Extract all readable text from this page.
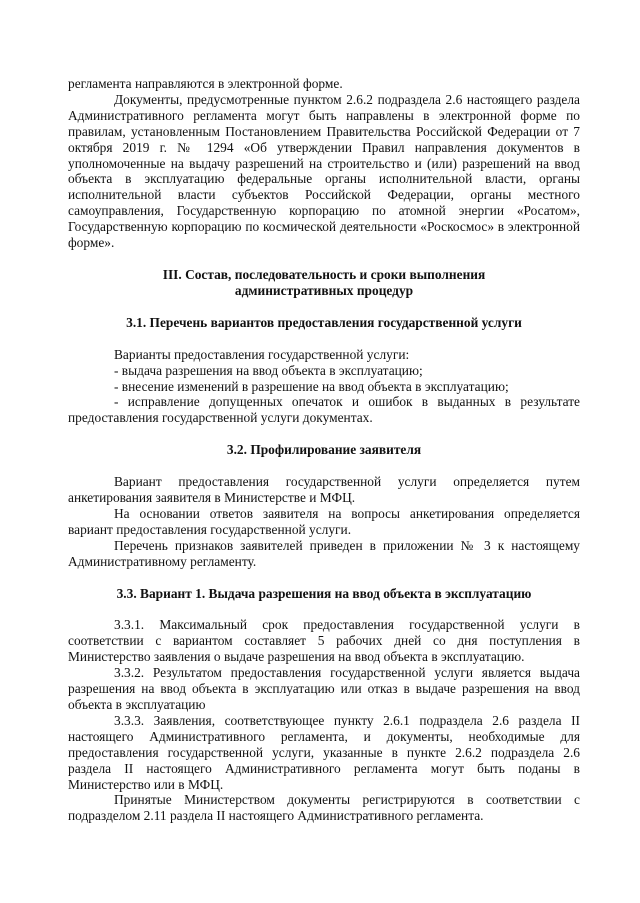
регламента направляются в электронной форме.

Документы, предусмотренные пунктом 2.6.2 подраздела 2.6 настоящего раздела Административного регламента могут быть направлены в электронной форме по правилам, установленным Постановлением Правительства Российской Федерации от 7 октября 2019 г. № 1294 «Об утверждении Правил направления документов в уполномоченные на выдачу разрешений на строительство и (или) разрешений на ввод объекта в эксплуатацию федеральные органы исполнительной власти, органы исполнительной власти субъектов Российской Федерации, органы местного самоуправления, Государственную корпорацию по атомной энергии «Росатом», Государственную корпорацию по космической деятельности «Роскосмос» в электронной форме».

III. Состав, последовательность и сроки выполнения административных процедур
3.1. Перечень вариантов предоставления государственной услуги

Варианты предоставления государственной услуги:

- выдача разрешения на ввод объекта в эксплуатацию;

- внесение изменений в разрешение на ввод объекта в эксплуатацию;

- исправление допущенных опечаток и ошибок в выданных в результате предоставления государственной услуги документах.

3.2. Профилирование заявителя

Вариант предоставления государственной услуги определяется путем анкетирования заявителя в Министерстве и МФЦ.

На основании ответов заявителя на вопросы анкетирования определяется вариант предоставления государственной услуги.

Перечень признаков заявителей приведен в приложении № 3 к настоящему Административному регламенту.

3.3. Вариант 1. Выдача разрешения на ввод объекта в эксплуатацию

3.3.1. Максимальный срок предоставления государственной услуги в соответствии с вариантом составляет 5 рабочих дней со дня поступления в Министерство заявления о выдаче разрешения на ввод объекта в эксплуатацию.

3.3.2. Результатом предоставления государственной услуги является выдача разрешения на ввод объекта в эксплуатацию или отказ в выдаче разрешения на ввод объекта в эксплуатацию

3.3.3. Заявления, соответствующее пункту 2.6.1 подраздела 2.6 раздела II настоящего Административного регламента, и документы, необходимые для предоставления государственной услуги, указанные в пункте 2.6.2 подраздела 2.6 раздела II настоящего Административного регламента могут быть поданы в Министерство или в МФЦ.

Принятые Министерством документы регистрируются в соответствии с подразделом 2.11 раздела II настоящего Административного регламента.
